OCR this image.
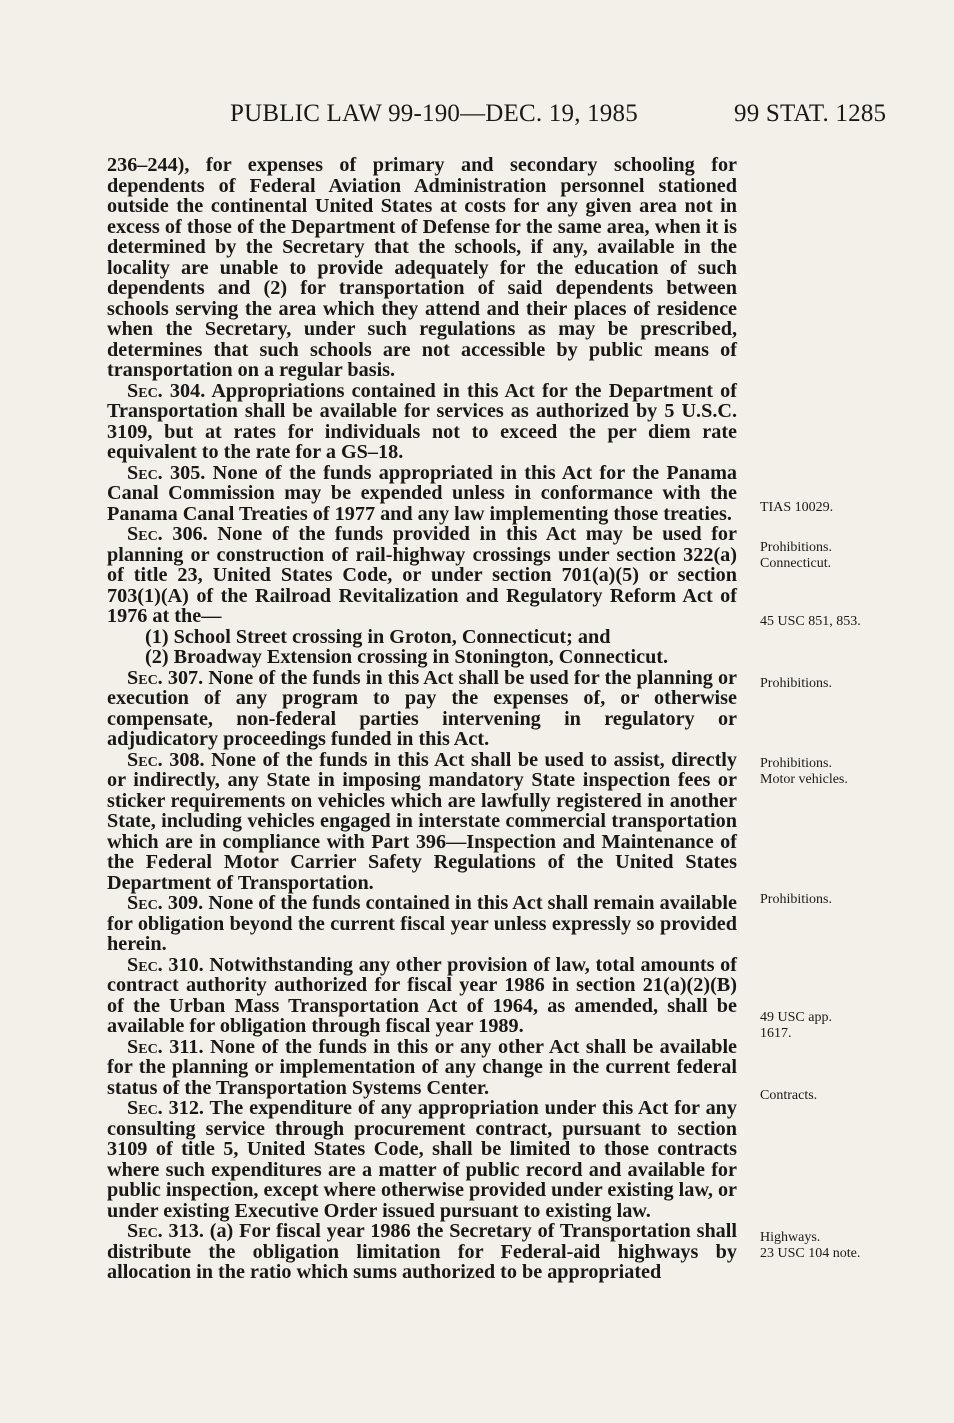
PUBLIC LAW 99-190—DEC. 19, 1985	99 STAT. 1285

236–244), for expenses of primary and secondary schooling for dependents of Federal Aviation Administration personnel stationed outside the continental United States at costs for any given area not in excess of those of the Department of Defense for the same area, when it is determined by the Secretary that the schools, if any, available in the locality are unable to provide adequately for the education of such dependents and (2) for transportation of said dependents between schools serving the area which they attend and their places of residence when the Secretary, under such regulations as may be prescribed, determines that such schools are not accessible by public means of transportation on a regular basis.

Sec. 304. Appropriations contained in this Act for the Department of Transportation shall be available for services as authorized by 5 U.S.C. 3109, but at rates for individuals not to exceed the per diem rate equivalent to the rate for a GS–18.

Sec. 305. None of the funds appropriated in this Act for the Panama Canal Commission may be expended unless in conformance with the Panama Canal Treaties of 1977 and any law implementing those treaties.

Sec. 306. None of the funds provided in this Act may be used for planning or construction of rail-highway crossings under section 322(a) of title 23, United States Code, or under section 701(a)(5) or section 703(1)(A) of the Railroad Revitalization and Regulatory Reform Act of 1976 at the—

(1) School Street crossing in Groton, Connecticut; and

(2) Broadway Extension crossing in Stonington, Connecticut.

Sec. 307. None of the funds in this Act shall be used for the planning or execution of any program to pay the expenses of, or otherwise compensate, non-federal parties intervening in regulatory or adjudicatory proceedings funded in this Act.

Sec. 308. None of the funds in this Act shall be used to assist, directly or indirectly, any State in imposing mandatory State inspection fees or sticker requirements on vehicles which are lawfully registered in another State, including vehicles engaged in interstate commercial transportation which are in compliance with Part 396—Inspection and Maintenance of the Federal Motor Carrier Safety Regulations of the United States Department of Transportation.

Sec. 309. None of the funds contained in this Act shall remain available for obligation beyond the current fiscal year unless expressly so provided herein.

Sec. 310. Notwithstanding any other provision of law, total amounts of contract authority authorized for fiscal year 1986 in section 21(a)(2)(B) of the Urban Mass Transportation Act of 1964, as amended, shall be available for obligation through fiscal year 1989.

Sec. 311. None of the funds in this or any other Act shall be available for the planning or implementation of any change in the current federal status of the Transportation Systems Center.

Sec. 312. The expenditure of any appropriation under this Act for any consulting service through procurement contract, pursuant to section 3109 of title 5, United States Code, shall be limited to those contracts where such expenditures are a matter of public record and available for public inspection, except where otherwise provided under existing law, or under existing Executive Order issued pursuant to existing law.

Sec. 313. (a) For fiscal year 1986 the Secretary of Transportation shall distribute the obligation limitation for Federal-aid highways by allocation in the ratio which sums authorized to be appropriated

TIAS 10029.
Prohibitions.
Connecticut.
45 USC 851, 853.
Prohibitions.
Prohibitions.
Motor vehicles.
Prohibitions.
49 USC app.
1617.
Contracts.
Highways.
23 USC 104 note.
